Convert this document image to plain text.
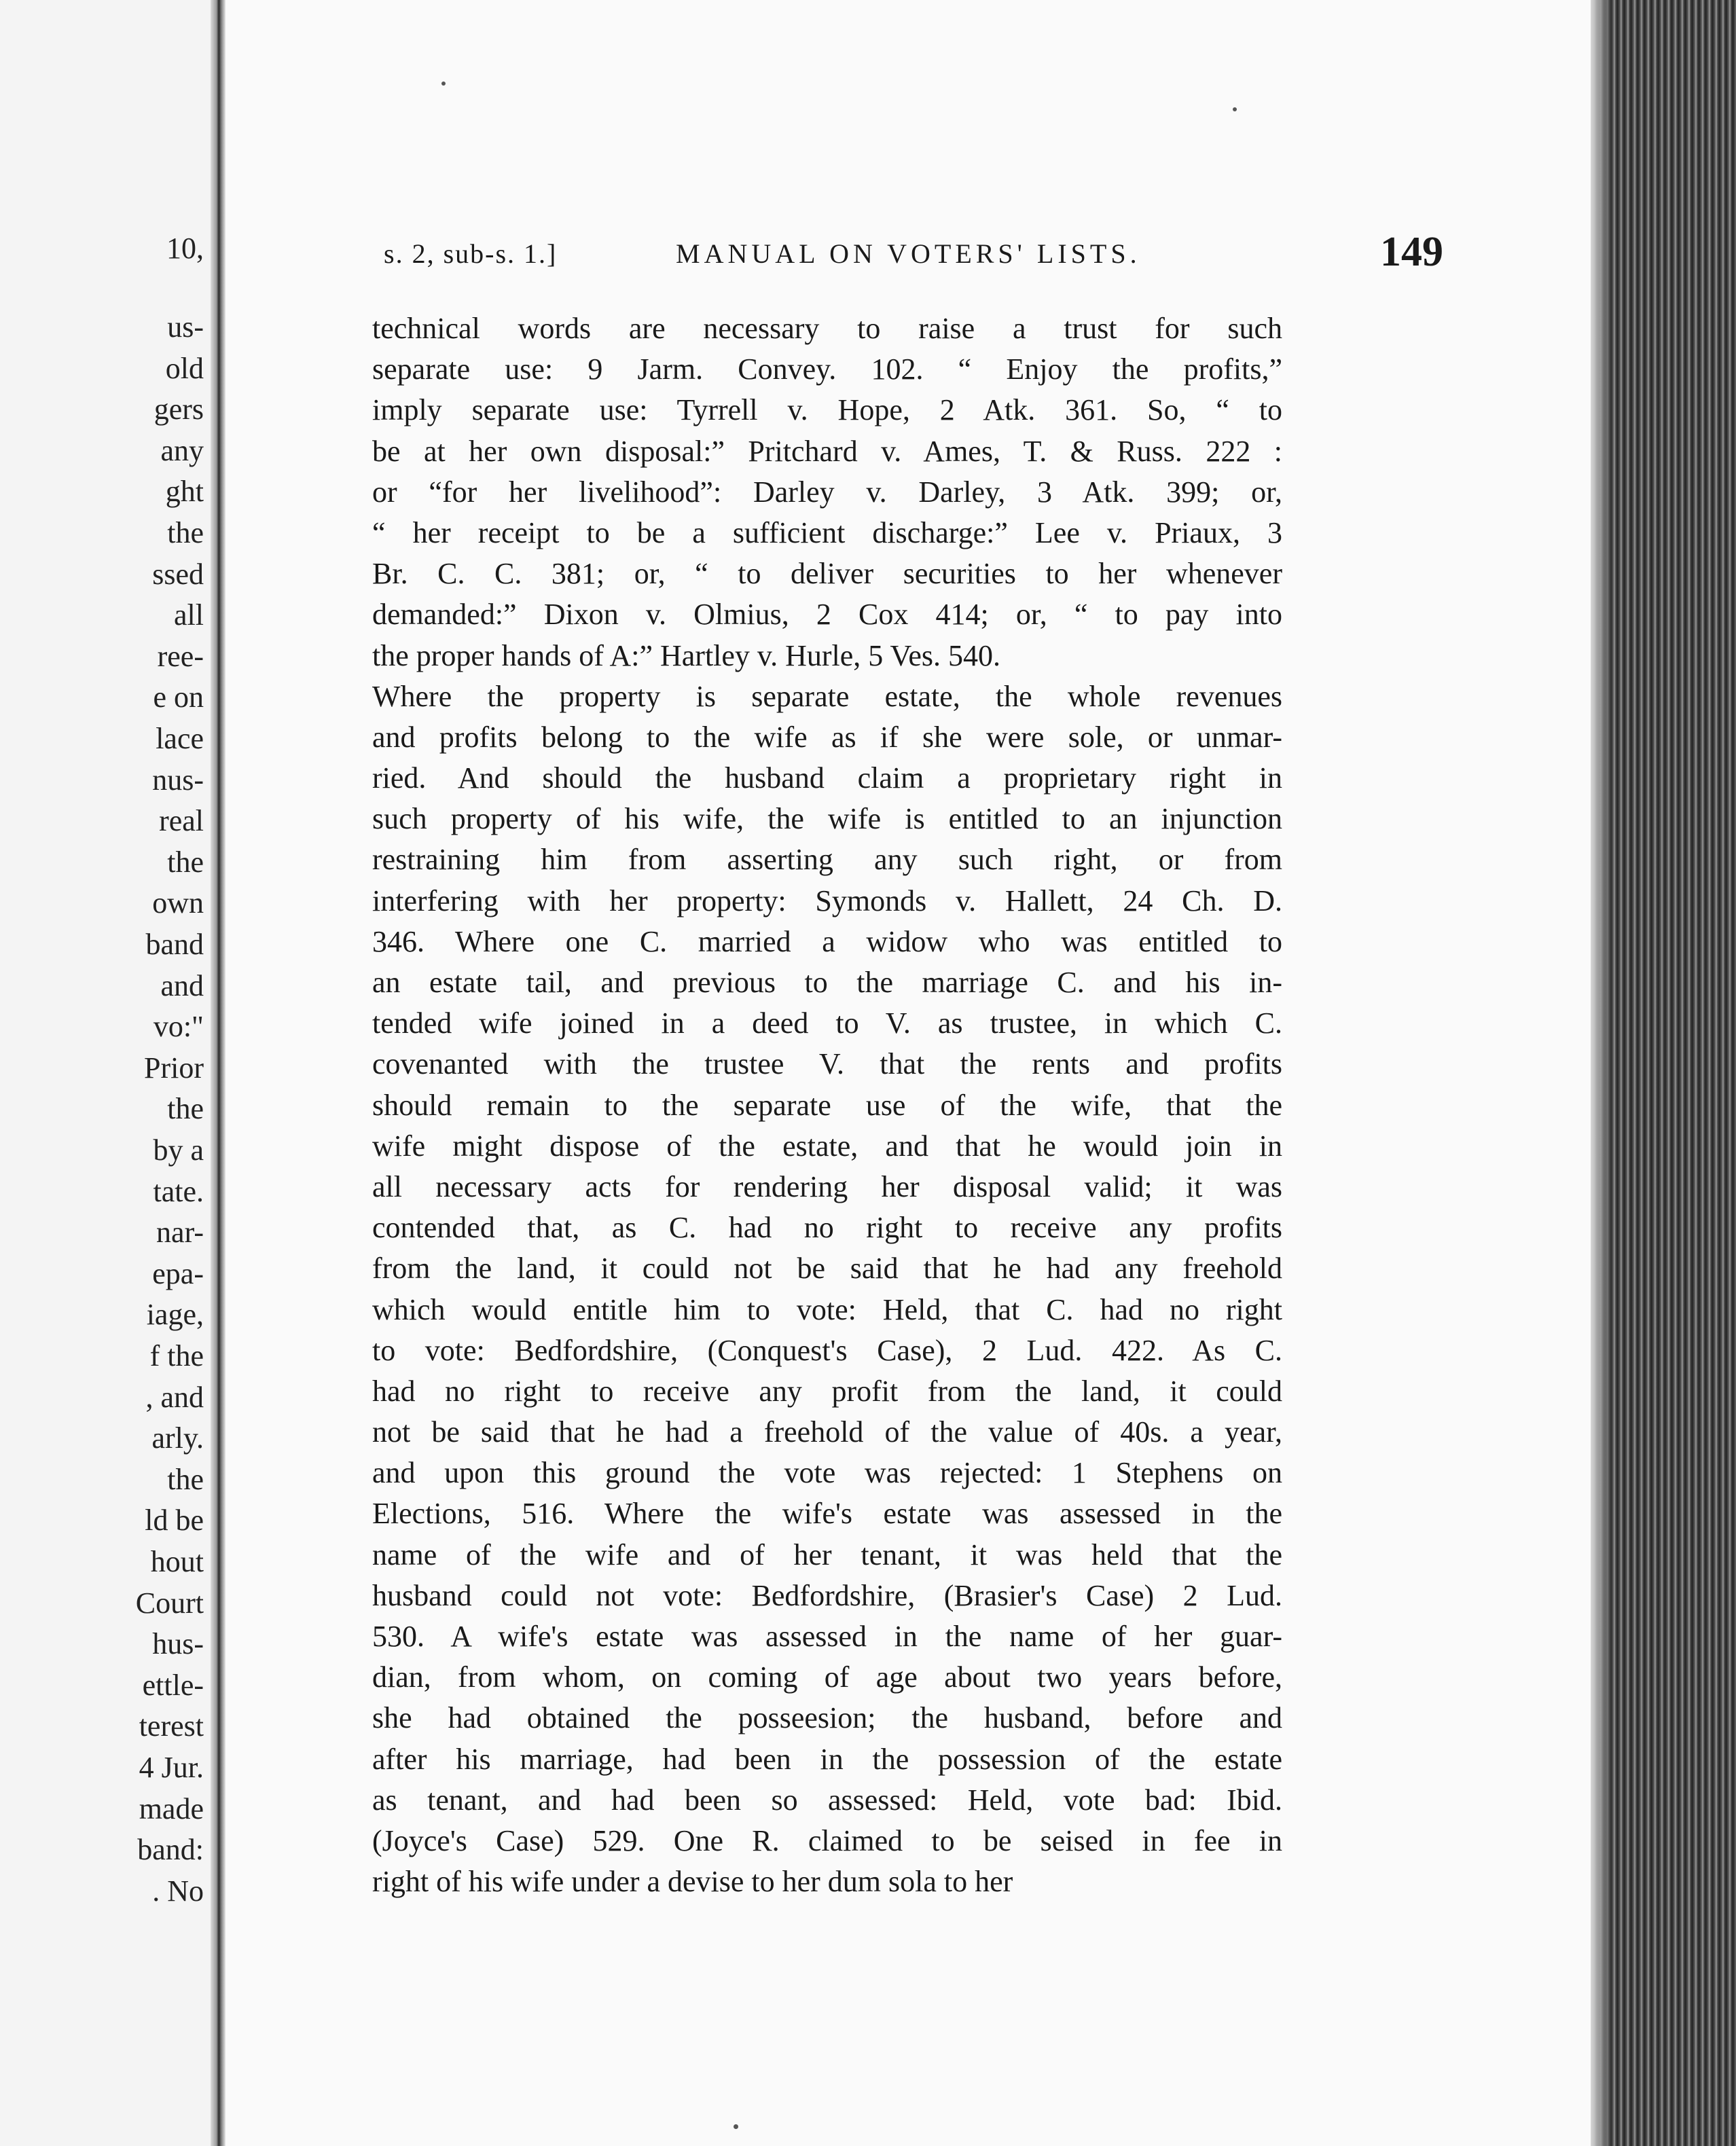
10,
us-
old
gers
any
ght
the
ssed
all
ree-
e on
lace
nus-
real
the
own
band
and
vo:"
Prior
the
by a
tate.
nar-
epa-
iage,
f the
, and
arly.
the
ld be
hout
Court
hus-
ettle-
terest
4 Jur.
made
band:
. No
s. 2, sub-s. 1.]	MANUAL ON VOTERS' LISTS.	149
technical words are necessary to raise a trust for such
separate use: 9 Jarm. Convey. 102. “ Enjoy the profits,”
imply separate use: Tyrrell v. Hope, 2 Atk. 361. So, “ to
be at her own disposal:” Pritchard v. Ames, T. & Russ. 222 :
or “for her livelihood”: Darley v. Darley, 3 Atk. 399; or,
“ her receipt to be a sufficient discharge:” Lee v. Priaux, 3
Br. C. C. 381; or, “ to deliver securities to her whenever
demanded:” Dixon v. Olmius, 2 Cox 414; or, “ to pay into
the proper hands of A:” Hartley v. Hurle, 5 Ves. 540.
Where the property is separate estate, the whole revenues
and profits belong to the wife as if she were sole, or unmar-
ried. And should the husband claim a proprietary right in
such property of his wife, the wife is entitled to an injunction
restraining him from asserting any such right, or from
interfering with her property: Symonds v. Hallett, 24 Ch. D.
346. Where one C. married a widow who was entitled to
an estate tail, and previous to the marriage C. and his in-
tended wife joined in a deed to V. as trustee, in which C.
covenanted with the trustee V. that the rents and profits
should remain to the separate use of the wife, that the
wife might dispose of the estate, and that he would join in
all necessary acts for rendering her disposal valid; it was
contended that, as C. had no right to receive any profits
from the land, it could not be said that he had any freehold
which would entitle him to vote: Held, that C. had no right
to vote: Bedfordshire, (Conquest's Case), 2 Lud. 422. As C.
had no right to receive any profit from the land, it could
not be said that he had a freehold of the value of 40s. a year,
and upon this ground the vote was rejected: 1 Stephens on
Elections, 516. Where the wife's estate was assessed in the
name of the wife and of her tenant, it was held that the
husband could not vote: Bedfordshire, (Brasier's Case) 2 Lud.
530. A wife's estate was assessed in the name of her guar-
dian, from whom, on coming of age about two years before,
she had obtained the posseesion; the husband, before and
after his marriage, had been in the possession of the estate
as tenant, and had been so assessed: Held, vote bad: Ibid.
(Joyce's Case) 529. One R. claimed to be seised in fee in
right of his wife under a devise to her dum sola to her
